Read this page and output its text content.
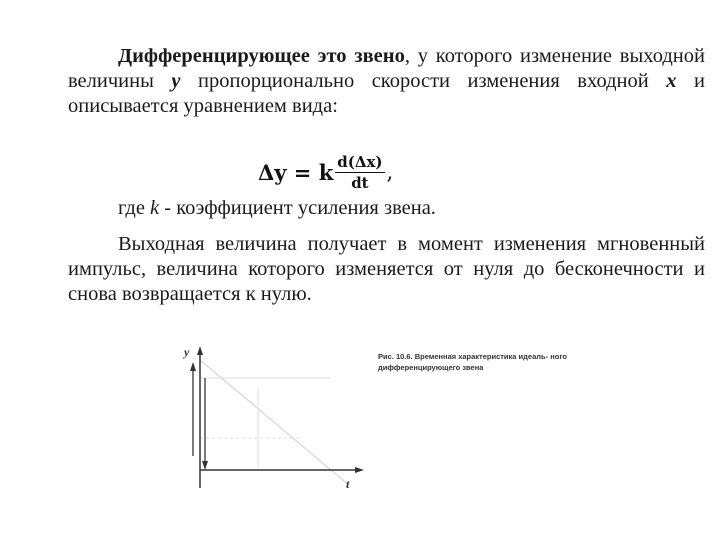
Дифференцирующее это звено, у которого изменение выходной величины y пропорционально скорости изменения входной x и описывается уравнением вида:
Δy = k $\frac{d(\Delta x)}{dt}$ ,
где k - коэффициент усиления звена.
Выходная величина получает в момент изменения мгновенный импульс, величина которого изменяется от нуля до бесконечности и снова возвращается к нулю.
y
t
Рис. 10.6. Временная характеристика идеаль- ного дифференцирующего звена
